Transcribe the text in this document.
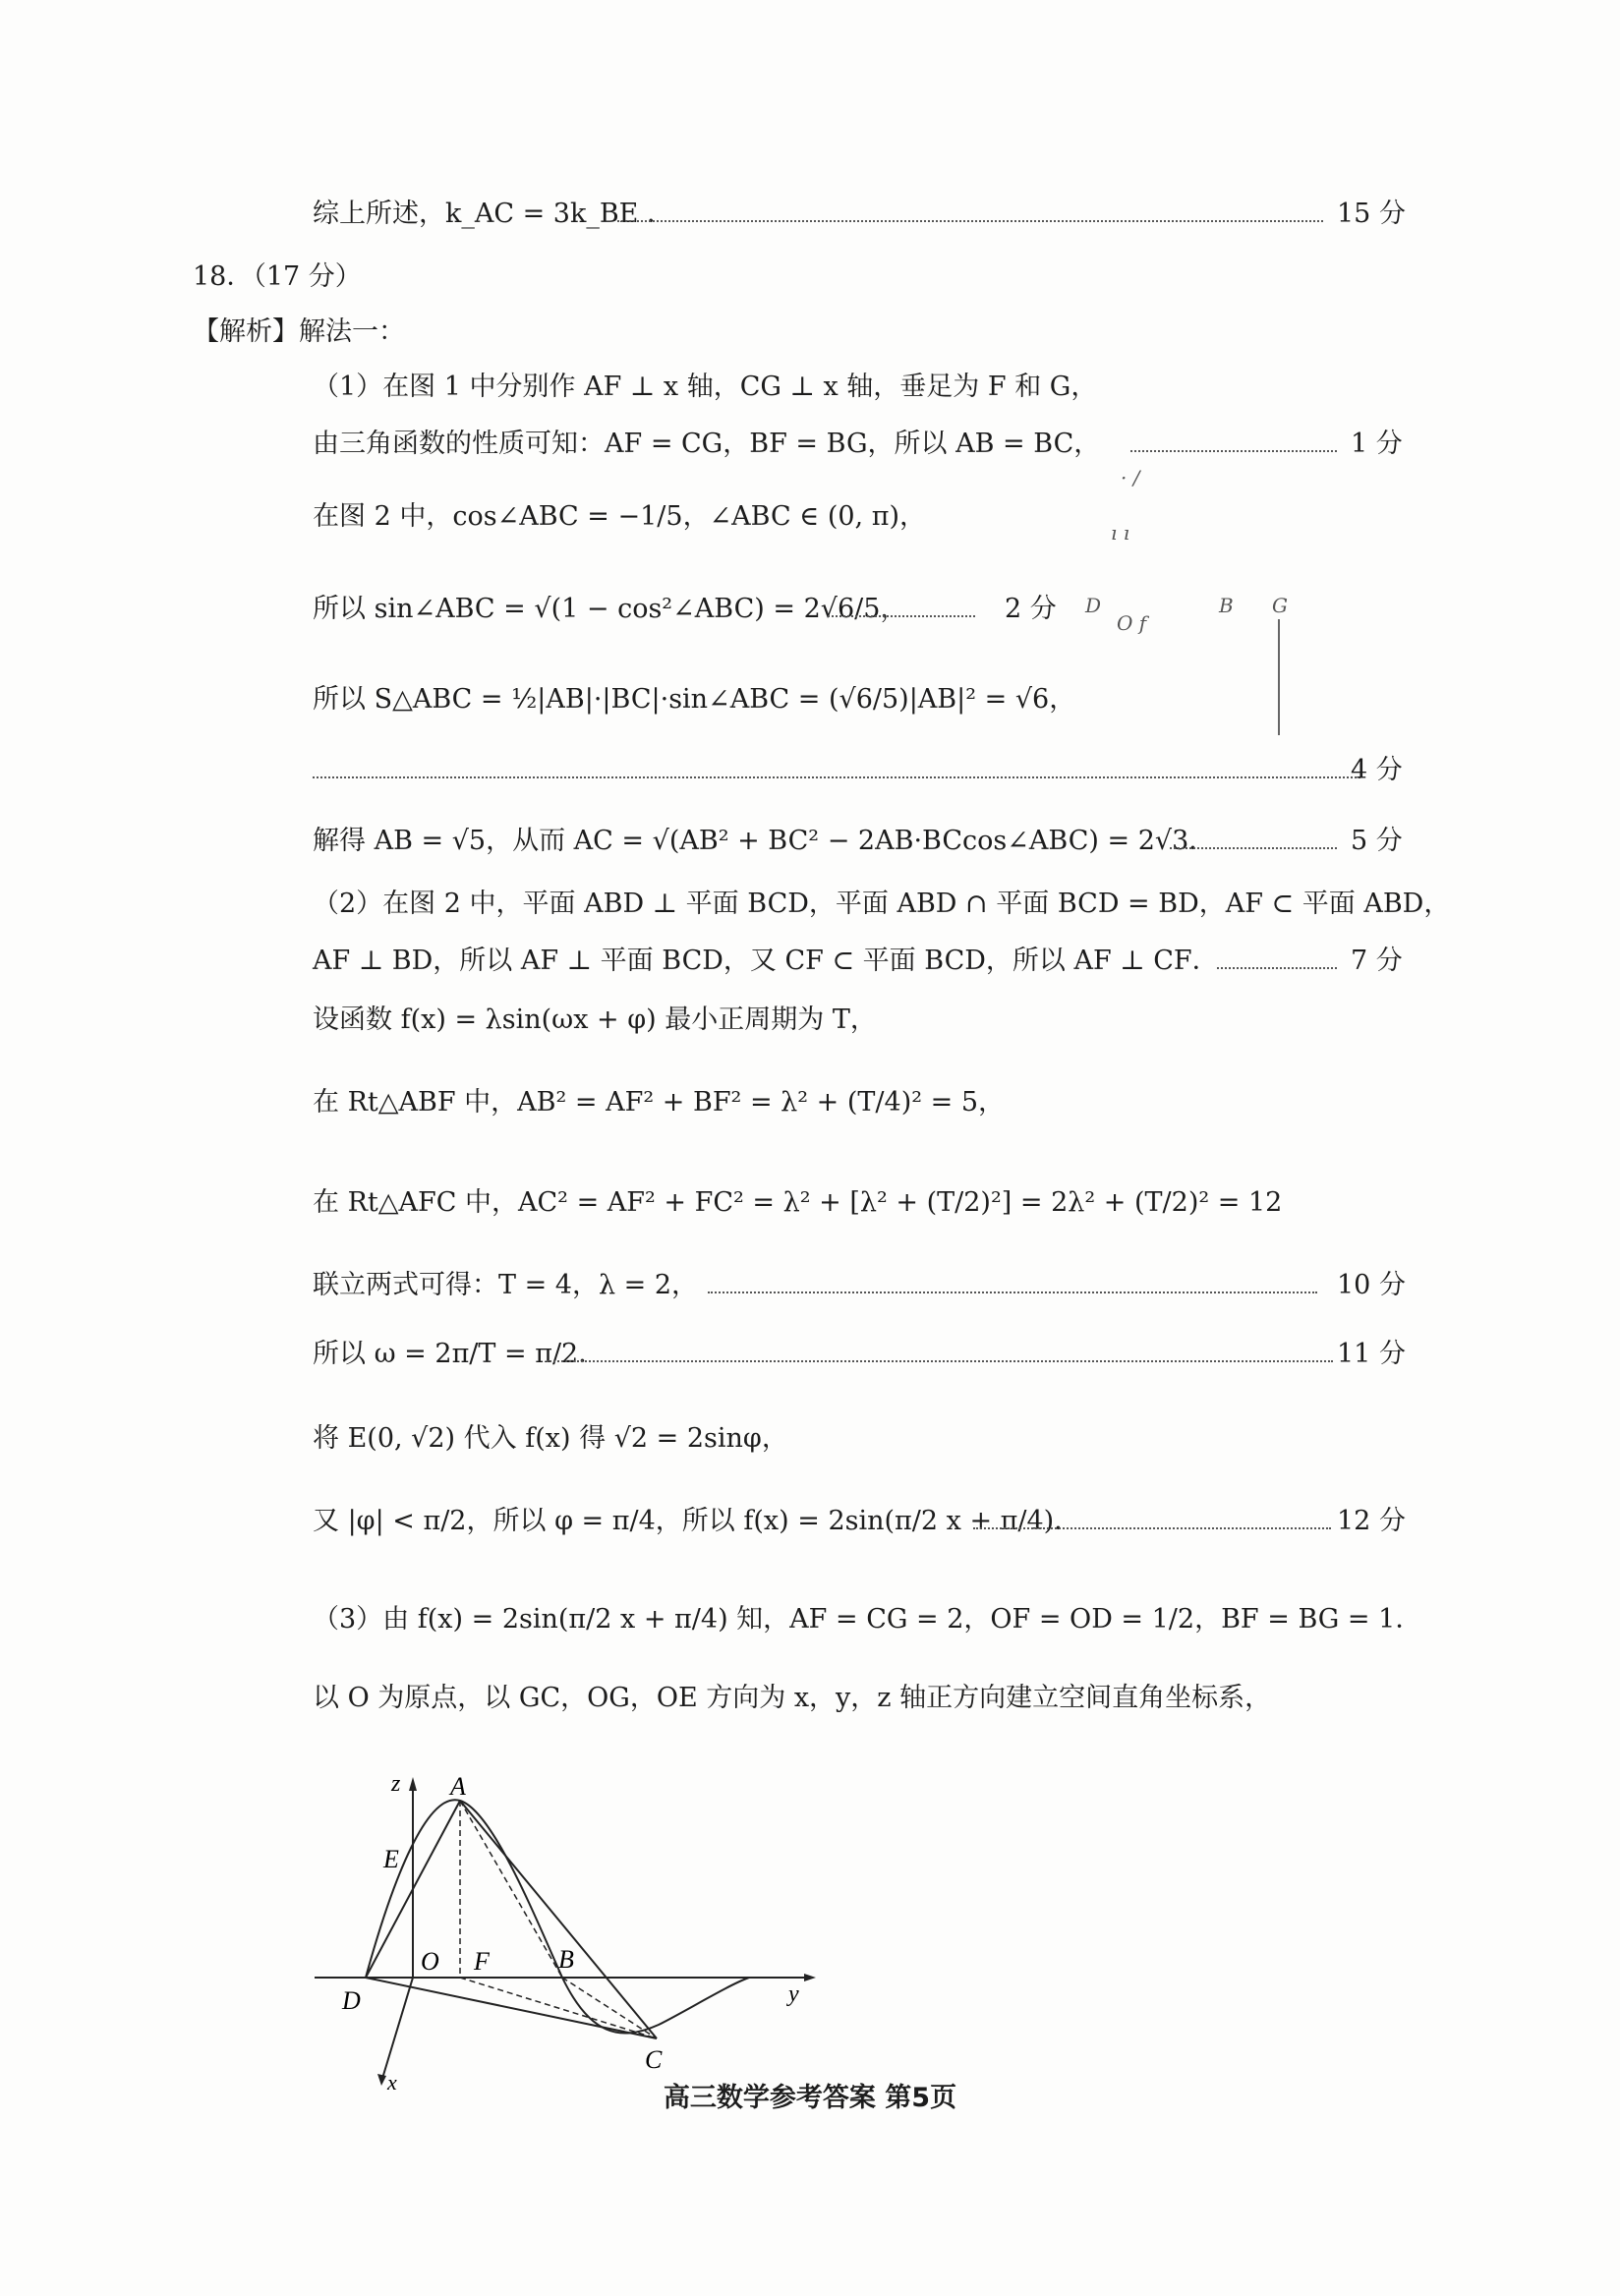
综上所述，k_AC = 3k_BE ．	15 分
18．（17 分）
【解析】解法一：
（1）在图 1 中分别作 AF ⊥ x 轴，CG ⊥ x 轴，垂足为 F 和 G，
由三角函数的性质可知：AF = CG，BF = BG，所以 AB = BC，	1 分
在图 2 中，cos∠ABC = −1/5，∠ABC ∈ (0, π)，
所以 sin∠ABC = √(1 − cos²∠ABC) = 2√6/5，	2 分
· /
ı ı
D
O f
B G
所以 S△ABC = ½|AB|·|BC|·sin∠ABC = (√6/5)|AB|² = √6，
4 分
解得 AB = √5，从而 AC = √(AB² + BC² − 2AB·BCcos∠ABC) = 2√3．	5 分
（2）在图 2 中，平面 ABD ⊥ 平面 BCD，平面 ABD ∩ 平面 BCD = BD，AF ⊂ 平面 ABD，
AF ⊥ BD，所以 AF ⊥ 平面 BCD，又 CF ⊂ 平面 BCD，所以 AF ⊥ CF．	7 分
设函数 f(x) = λsin(ωx + φ) 最小正周期为 T，
在 Rt△ABF 中，AB² = AF² + BF² = λ² + (T/4)² = 5，
在 Rt△AFC 中，AC² = AF² + FC² = λ² + [λ² + (T/2)²] = 2λ² + (T/2)² = 12
联立两式可得：T = 4，λ = 2，	10 分
所以 ω = 2π/T = π/2．	11 分
将 E(0, √2) 代入 f(x) 得 √2 = 2sinφ，
又 |φ| < π/2，所以 φ = π/4，所以 f(x) = 2sin(π/2 x + π/4)．	12 分
（3）由 f(x) = 2sin(π/2 x + π/4) 知，AF = CG = 2，OF = OD = 1/2，BF = BG = 1．
以 O 为原点，以 GC，OG，OE 方向为 x，y，z 轴正方向建立空间直角坐标系，
z A
E
O F	B
D
C
y
x
高三数学参考答案 第5页
